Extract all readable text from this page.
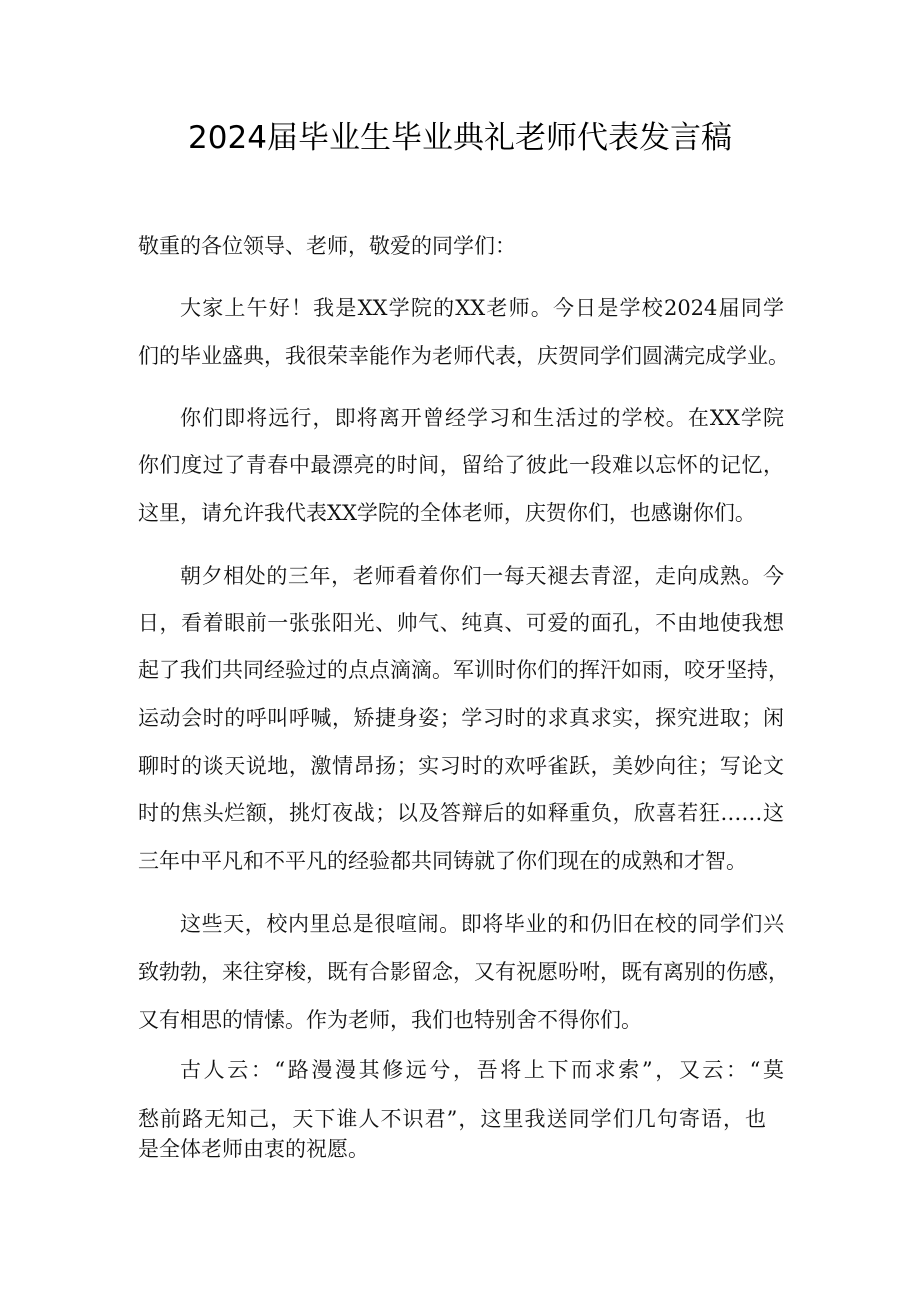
2024届毕业生毕业典礼老师代表发言稿
敬重的各位领导、老师，敬爱的同学们：
大家上午好！我是XX学院的XX老师。今日是学校2024届同学
们的毕业盛典，我很荣幸能作为老师代表，庆贺同学们圆满完成学业。
你们即将远行，即将离开曾经学习和生活过的学校。在XX学院
你们度过了青春中最漂亮的时间，留给了彼此一段难以忘怀的记忆，
这里，请允许我代表XX学院的全体老师，庆贺你们，也感谢你们。
朝夕相处的三年，老师看着你们一每天褪去青涩，走向成熟。今
日，看着眼前一张张阳光、帅气、纯真、可爱的面孔，不由地使我想
起了我们共同经验过的点点滴滴。军训时你们的挥汗如雨，咬牙坚持，
运动会时的呼叫呼喊，矫捷身姿；学习时的求真求实，探究进取；闲
聊时的谈天说地，激情昂扬；实习时的欢呼雀跃，美妙向往；写论文
时的焦头烂额，挑灯夜战；以及答辩后的如释重负，欣喜若狂……这
三年中平凡和不平凡的经验都共同铸就了你们现在的成熟和才智。
这些天，校内里总是很喧闹。即将毕业的和仍旧在校的同学们兴
致勃勃，来往穿梭，既有合影留念，又有祝愿吩咐，既有离别的伤感，
又有相思的情愫。作为老师，我们也特别舍不得你们。
古人云：“路漫漫其修远兮，吾将上下而求索”，又云：“莫
愁前路无知己，天下谁人不识君”，这里我送同学们几句寄语，也
是全体老师由衷的祝愿。
